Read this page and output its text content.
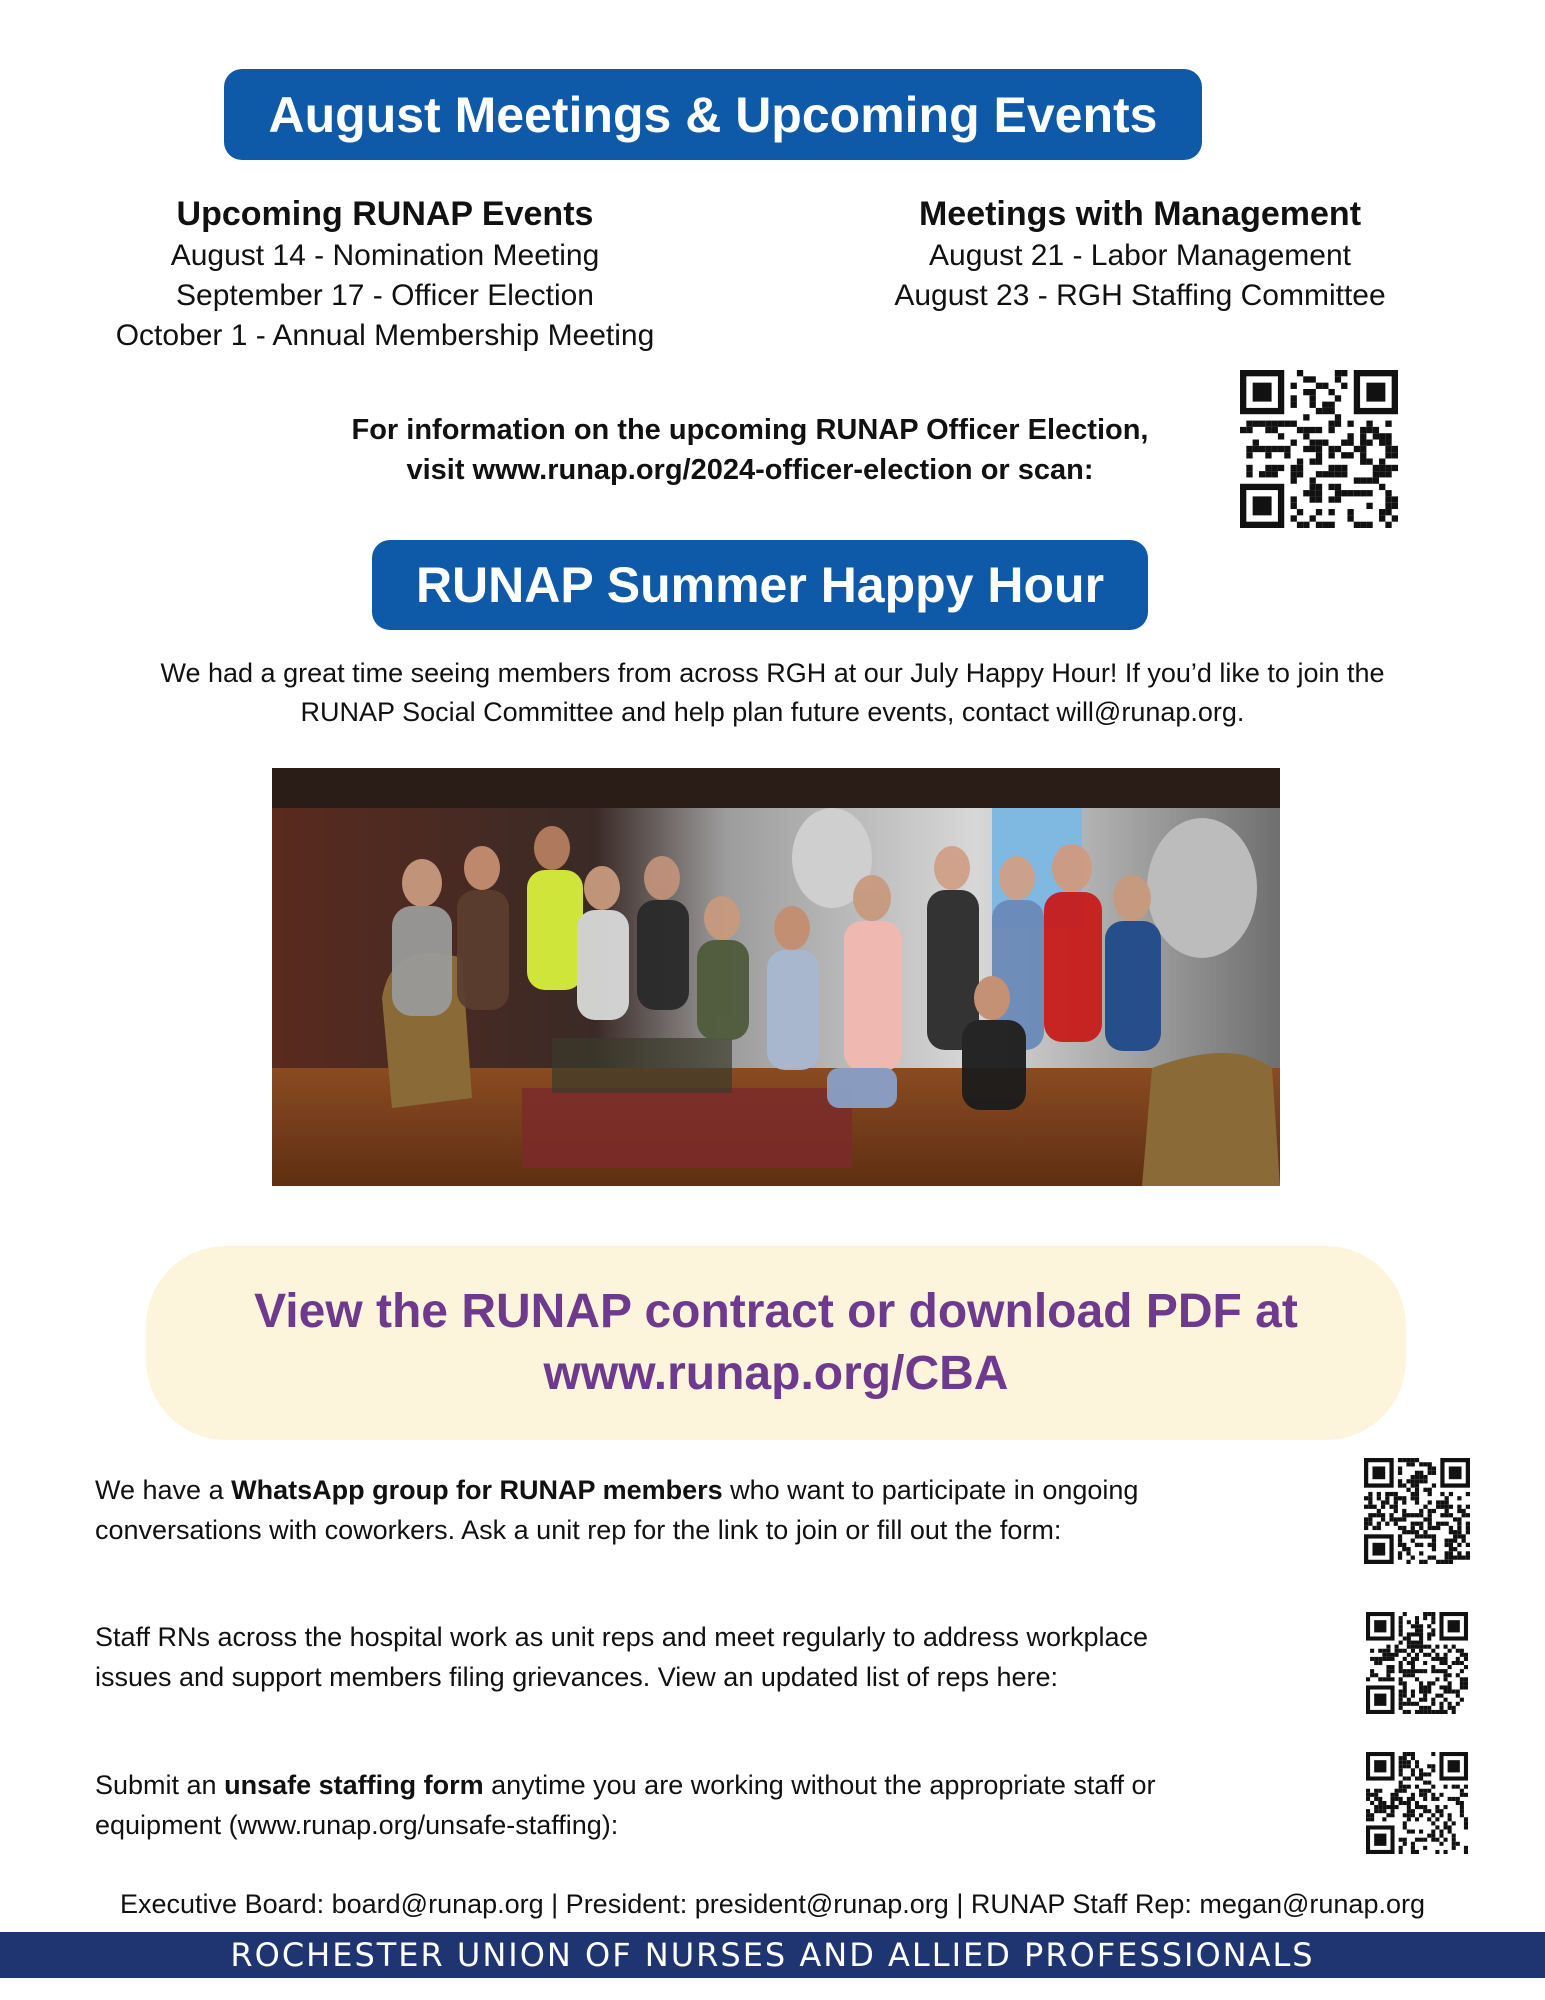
August Meetings & Upcoming Events
Upcoming RUNAP Events
August 14 - Nomination Meeting
September 17 - Officer Election
October 1 - Annual Membership Meeting
Meetings with Management
August 21 - Labor Management
August 23 - RGH Staffing Committee
For information on the upcoming RUNAP Officer Election,
visit www.runap.org/2024-officer-election or scan:
RUNAP Summer Happy Hour
We had a great time seeing members from across RGH at our July Happy Hour! If you’d like to join the
RUNAP Social Committee and help plan future events, contact will@runap.org.
View the RUNAP contract or download PDF at
www.runap.org/CBA
We have a WhatsApp group for RUNAP members who want to participate in ongoing
conversations with coworkers. Ask a unit rep for the link to join or fill out the form:
Staff RNs across the hospital work as unit reps and meet regularly to address workplace
issues and support members filing grievances. View an updated list of reps here:
Submit an unsafe staffing form anytime you are working without the appropriate staff or
equipment (www.runap.org/unsafe-staffing):
Executive Board: board@runap.org | President: president@runap.org | RUNAP Staff Rep: megan@runap.org
ROCHESTER UNION OF NURSES AND ALLIED PROFESSIONALS
